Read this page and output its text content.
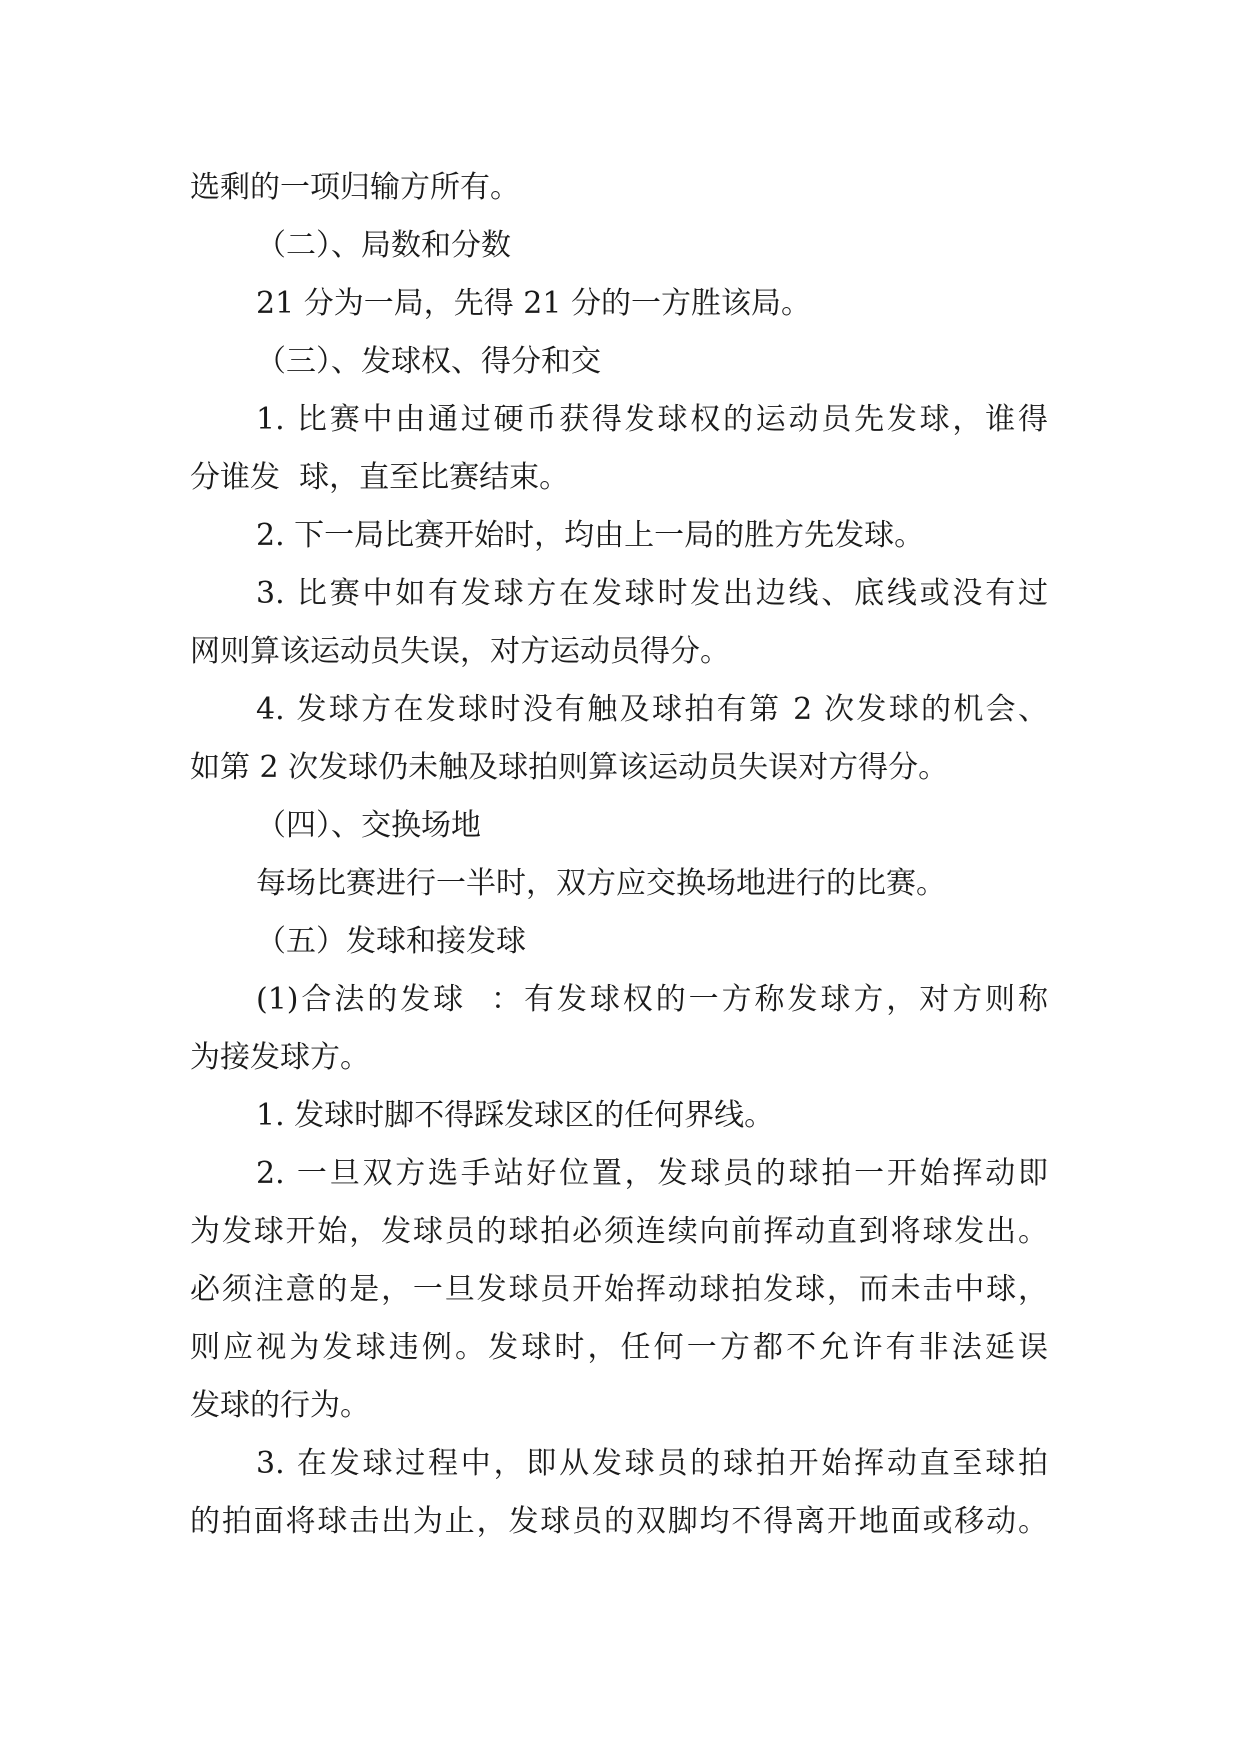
选剩的一项归输方所有。
（二）、局数和分数
21 分为一局，先得 21 分的一方胜该局。
（三）、发球权、得分和交
1. 比赛中由通过硬币获得发球权的运动员先发球，谁得
分谁发  球，直至比赛结束。
2. 下一局比赛开始时，均由上一局的胜方先发球。
3. 比赛中如有发球方在发球时发出边线、底线或没有过
网则算该运动员失误，对方运动员得分。
4. 发球方在发球时没有触及球拍有第 2 次发球的机会、
如第 2 次发球仍未触及球拍则算该运动员失误对方得分。
（四）、交换场地
每场比赛进行一半时，双方应交换场地进行的比赛。
（五）发球和接发球
(1)合法的发球  ：有发球权的一方称发球方，对方则称
为接发球方。
1. 发球时脚不得踩发球区的任何界线。
2. 一旦双方选手站好位置，发球员的球拍一开始挥动即
为发球开始，发球员的球拍必须连续向前挥动直到将球发出。
必须注意的是，一旦发球员开始挥动球拍发球，而未击中球，
则应视为发球违例。发球时，任何一方都不允许有非法延误
发球的行为。
3. 在发球过程中，即从发球员的球拍开始挥动直至球拍
的拍面将球击出为止，发球员的双脚均不得离开地面或移动。
